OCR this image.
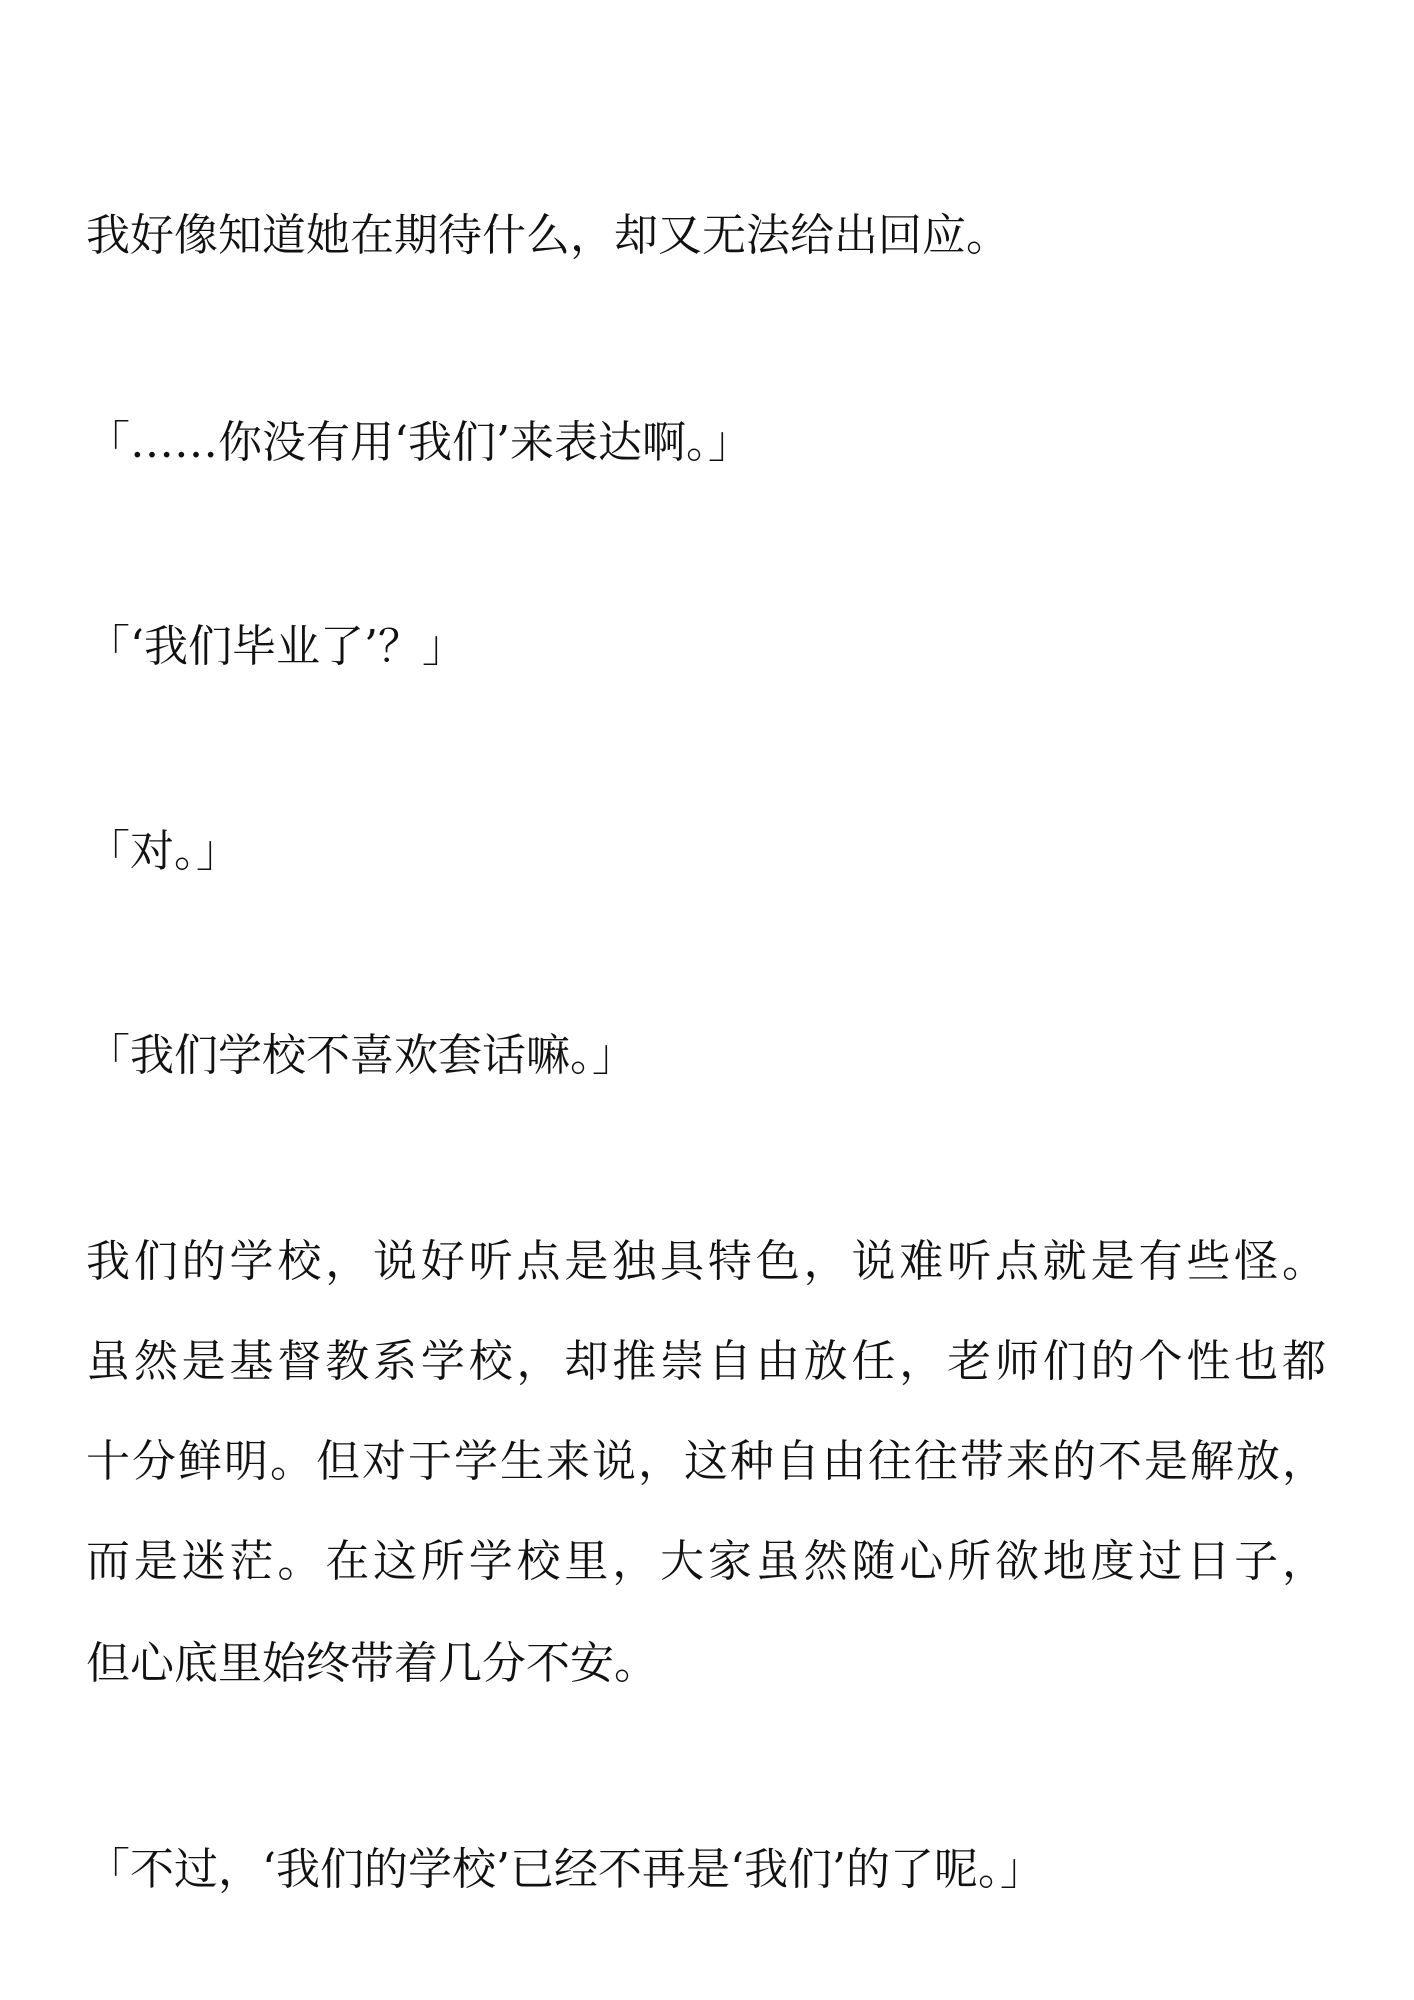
我好像知道她在期待什么，却又无法给出回应。

「……你没有用‘我们’来表达啊。」

「‘我们毕业了’？」

「对。」

「我们学校不喜欢套话嘛。」

我们的学校，说好听点是独具特色，说难听点就是有些怪。

虽然是基督教系学校，却推崇自由放任，老师们的个性也都

十分鲜明。但对于学生来说，这种自由往往带来的不是解放，

而是迷茫。在这所学校里，大家虽然随心所欲地度过日子，

但心底里始终带着几分不安。

「不过，‘我们的学校’已经不再是‘我们’的了呢。」
